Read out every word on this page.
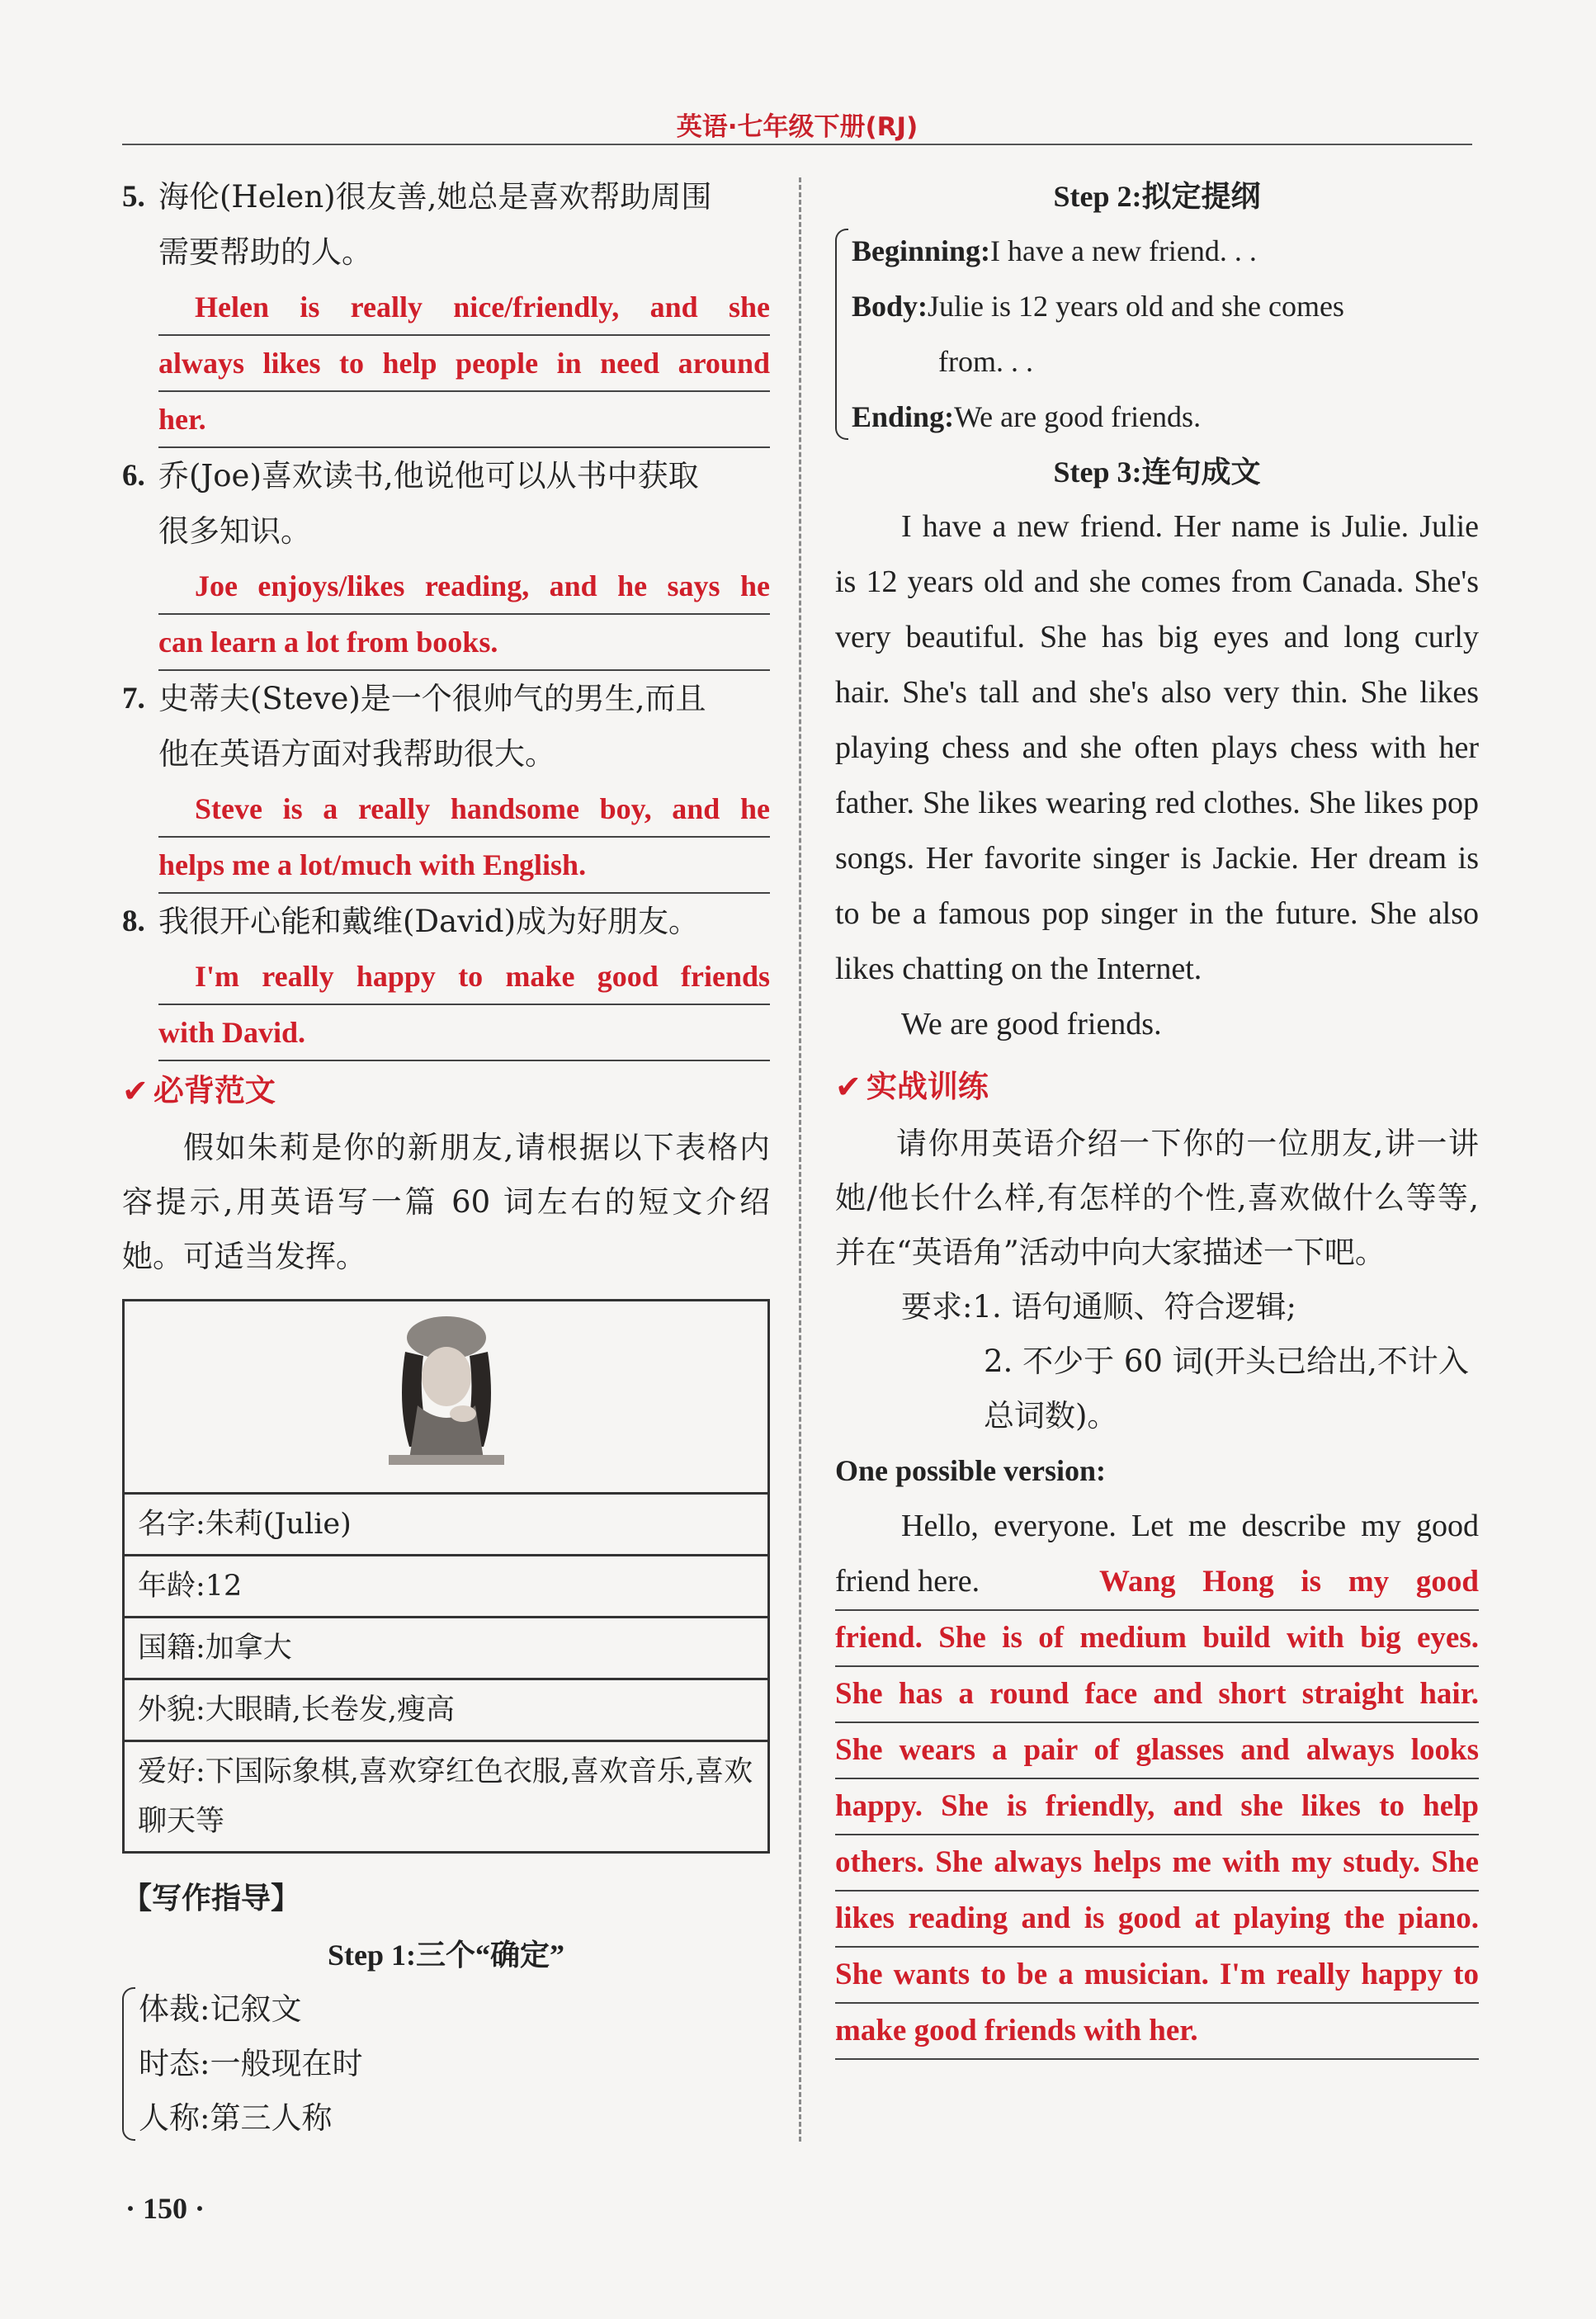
英语·七年级下册(RJ)
5. 海伦(Helen)很友善,她总是喜欢帮助周围
需要帮助的人。
Helen is really nice/friendly, and she
always likes to help people in need around
her.
6. 乔(Joe)喜欢读书,他说他可以从书中获取
很多知识。
Joe enjoys/likes reading, and he says he
can learn a lot from books.
7. 史蒂夫(Steve)是一个很帅气的男生,而且
他在英语方面对我帮助很大。
Steve is a really handsome boy, and he
helps me a lot/much with English.
8. 我很开心能和戴维(David)成为好朋友。
I'm really happy to make good friends
with David.
✔ 必背范文
假如朱莉是你的新朋友,请根据以下表格内容提示,用英语写一篇 60 词左右的短文介绍她。可适当发挥。

名字:朱莉(Julie)
年龄:12
国籍:加拿大
外貌:大眼睛,长卷发,瘦高
爱好:下国际象棋,喜欢穿红色衣服,喜欢音乐,喜欢聊天等
【写作指导】
Step 1:三个“确定”
体裁:记叙文
时态:一般现在时
人称:第三人称
Step 2:拟定提纲
Beginning:I have a new friend. . .
Body:Julie is 12 years old and she comes
from. . .
Ending:We are good friends.
Step 3:连句成文
I have a new friend. Her name is Julie. Julie is 12 years old and she comes from Canada. She's very beautiful. She has big eyes and long curly hair. She's tall and she's also very thin. She likes playing chess and she often plays chess with her father. She likes wearing red clothes. She likes pop songs. Her favorite singer is Jackie. Her dream is to be a famous pop singer in the future. She also likes chatting on the Internet.
We are good friends.
✔ 实战训练
请你用英语介绍一下你的一位朋友,讲一讲她/他长什么样,有怎样的个性,喜欢做什么等等,并在“英语角”活动中向大家描述一下吧。
要求:1. 语句通顺、符合逻辑;
2. 不少于 60 词(开头已给出,不计入总词数)。
One possible version:
Hello, everyone. Let me describe my good friend here.	Wang Hong is my good
friend. She is of medium build with big eyes.
She has a round face and short straight hair.
She wears a pair of glasses and always looks
happy. She is friendly, and she likes to help
others. She always helps me with my study. She
likes reading and is good at playing the piano.
She wants to be a musician. I'm really happy to
make good friends with her.
· 150 ·
